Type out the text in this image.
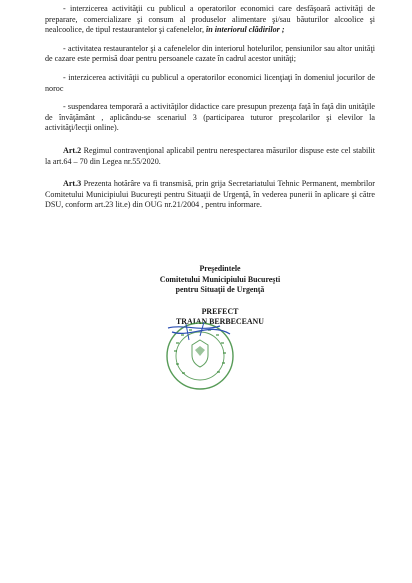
- interzicerea activităţii cu publicul a operatorilor economici care desfăşoară activităţi de preparare, comercializare şi consum al produselor alimentare şi/sau băuturilor alcoolice şi nealcoolice, de tipul restaurantelor şi cafenelelor, în interiorul clădirilor ;

- activitatea restaurantelor şi a cafenelelor din interiorul hotelurilor, pensiunilor sau altor unităţi de cazare este permisă doar pentru persoanele cazate în cadrul acestor unităţi;

- interzicerea activităţii cu publicul a operatorilor economici licenţiaţi în domeniul jocurilor de noroc

- suspendarea temporară a activităţilor didactice care presupun prezenţa faţă în faţă din unităţile de învăţământ , aplicându-se scenariul 3 (participarea tuturor preşcolarilor şi elevilor la activităţi/lecţii online).

Art.2 Regimul contravenţional aplicabil pentru nerespectarea măsurilor dispuse este cel stabilit la art.64 – 70 din Legea nr.55/2020.

Art.3 Prezenta hotărâre va fi transmisă, prin grija Secretariatului Tehnic Permanent, membrilor Comitetului Municipiului Bucureşti pentru Situaţii de Urgenţă, în vederea punerii în aplicare şi către DSU, conform art.23 lit.e) din OUG nr.21/2004 , pentru informare.

Preşedintele
Comitetului Municipiului Bucureşti
pentru Situaţii de Urgenţă
PREFECT
TRAIAN BERBECEANU
